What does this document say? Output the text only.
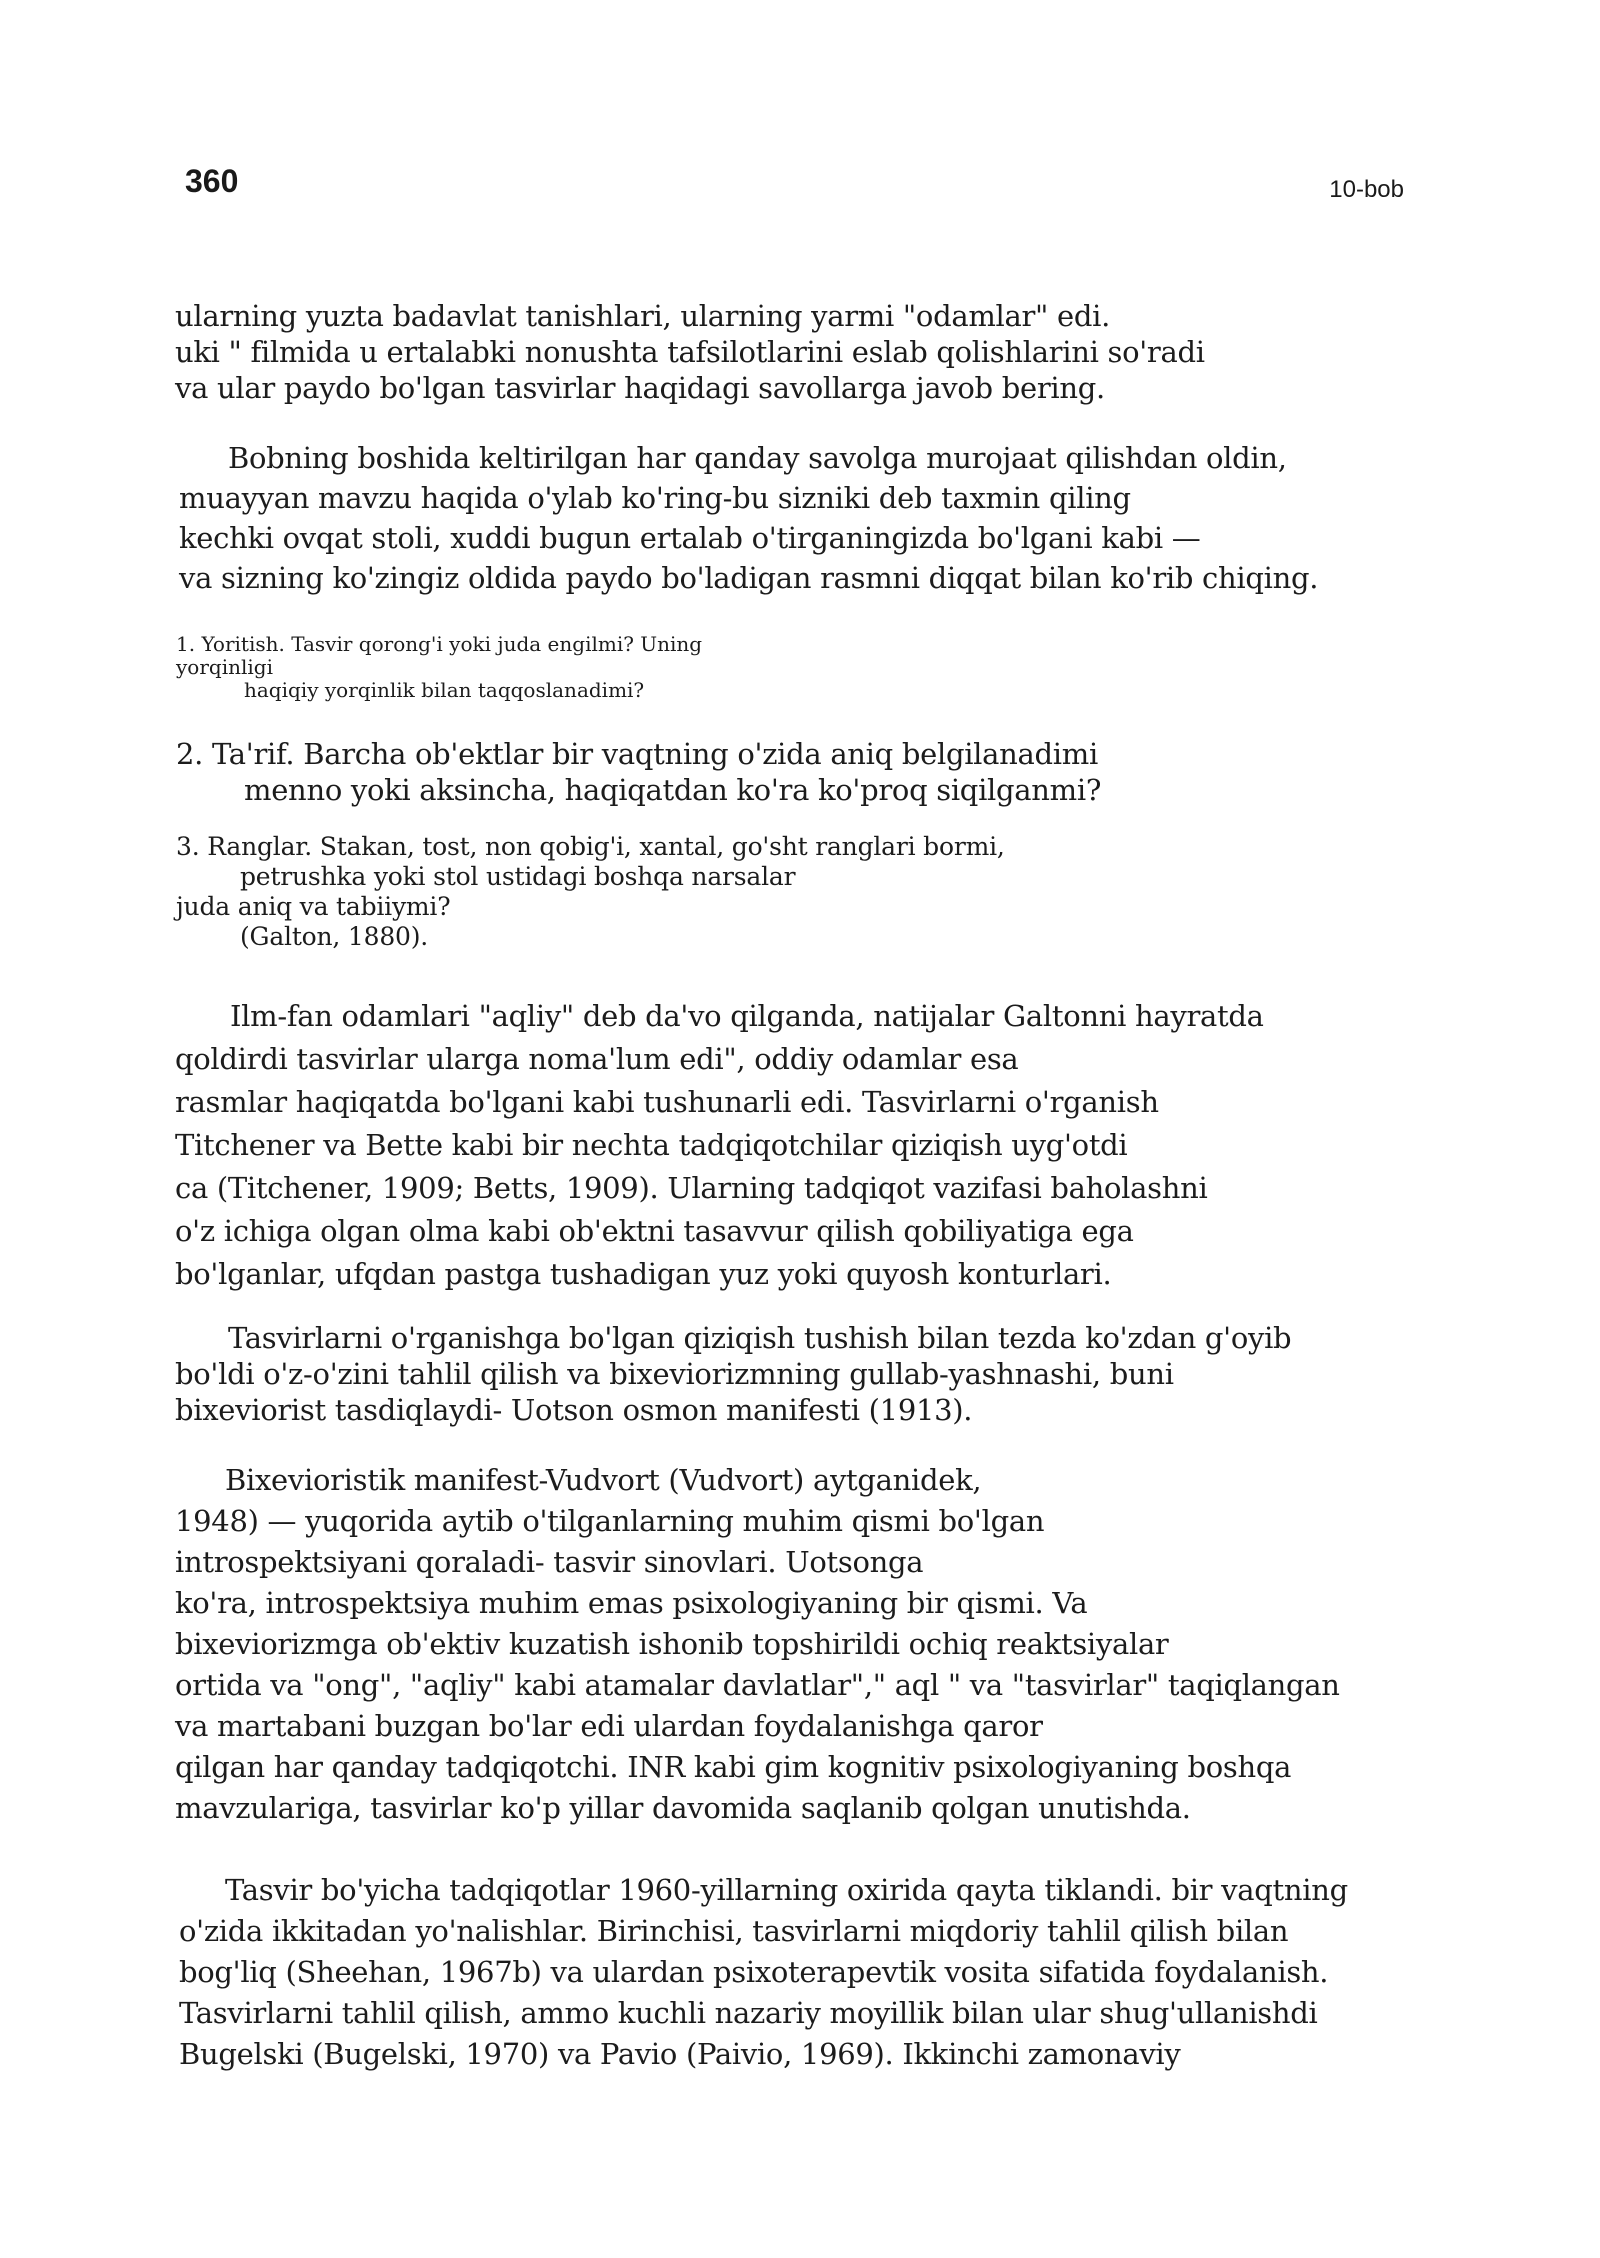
360	10-bob
ularning yuzta badavlat tanishlari, ularning yarmi "odamlar" edi.
uki " filmida u ertalabki nonushta tafsilotlarini eslab qolishlarini so'radi
va ular paydo bo'lgan tasvirlar haqidagi savollarga javob bering.
Bobning boshida keltirilgan har qanday savolga murojaat qilishdan oldin,
muayyan mavzu haqida o'ylab ko'ring-bu sizniki deb taxmin qiling
kechki ovqat stoli, xuddi bugun ertalab o'tirganingizda bo'lgani kabi —
va sizning ko'zingiz oldida paydo bo'ladigan rasmni diqqat bilan ko'rib chiqing.
1. Yoritish. Tasvir qorong'i yoki juda engilmi? Uning
yorqinligi
haqiqiy yorqinlik bilan taqqoslanadimi?
2. Ta'rif. Barcha ob'ektlar bir vaqtning o'zida aniq belgilanadimi
menno yoki aksincha, haqiqatdan ko'ra ko'proq siqilganmi?
3. Ranglar. Stakan, tost, non qobig'i, xantal, go'sht ranglari bormi,
petrushka yoki stol ustidagi boshqa narsalar
juda aniq va tabiiymi?
(Galton, 1880).
Ilm-fan odamlari "aqliy" deb da'vo qilganda, natijalar Galtonni hayratda
qoldirdi tasvirlar ularga noma'lum edi", oddiy odamlar esa
rasmlar haqiqatda bo'lgani kabi tushunarli edi. Tasvirlarni o'rganish
Titchener va Bette kabi bir nechta tadqiqotchilar qiziqish uyg'otdi
ca (Titchener, 1909; Betts, 1909). Ularning tadqiqot vazifasi baholashni
o'z ichiga olgan olma kabi ob'ektni tasavvur qilish qobiliyatiga ega
bo'lganlar, ufqdan pastga tushadigan yuz yoki quyosh konturlari.
Tasvirlarni o'rganishga bo'lgan qiziqish tushish bilan tezda ko'zdan g'oyib
bo'ldi o'z-o'zini tahlil qilish va bixeviorizmning gullab-yashnashi, buni
bixeviorist tasdiqlaydi- Uotson osmon manifesti (1913).
Bixevioristik manifest-Vudvort (Vudvort) aytganidek,
1948) — yuqorida aytib o'tilganlarning muhim qismi bo'lgan
introspektsiyani qoraladi- tasvir sinovlari. Uotsonga
ko'ra, introspektsiya muhim emas psixologiyaning bir qismi. Va
bixeviorizmga ob'ektiv kuzatish ishonib topshirildi ochiq reaktsiyalar
ortida va "ong", "aqliy" kabi atamalar davlatlar"," aql " va "tasvirlar" taqiqlangan
va martabani buzgan bo'lar edi ulardan foydalanishga qaror
qilgan har qanday tadqiqotchi. INR kabi gim kognitiv psixologiyaning boshqa
mavzulariga, tasvirlar ko'p yillar davomida saqlanib qolgan unutishda.
Tasvir bo'yicha tadqiqotlar 1960-yillarning oxirida qayta tiklandi. bir vaqtning
o'zida ikkitadan yo'nalishlar. Birinchisi, tasvirlarni miqdoriy tahlil qilish bilan
bog'liq (Sheehan, 1967b) va ulardan psixoterapevtik vosita sifatida foydalanish.
Tasvirlarni tahlil qilish, ammo kuchli nazariy moyillik bilan ular shug'ullanishdi
Bugelski (Bugelski, 1970) va Pavio (Paivio, 1969). Ikkinchi zamonaviy
